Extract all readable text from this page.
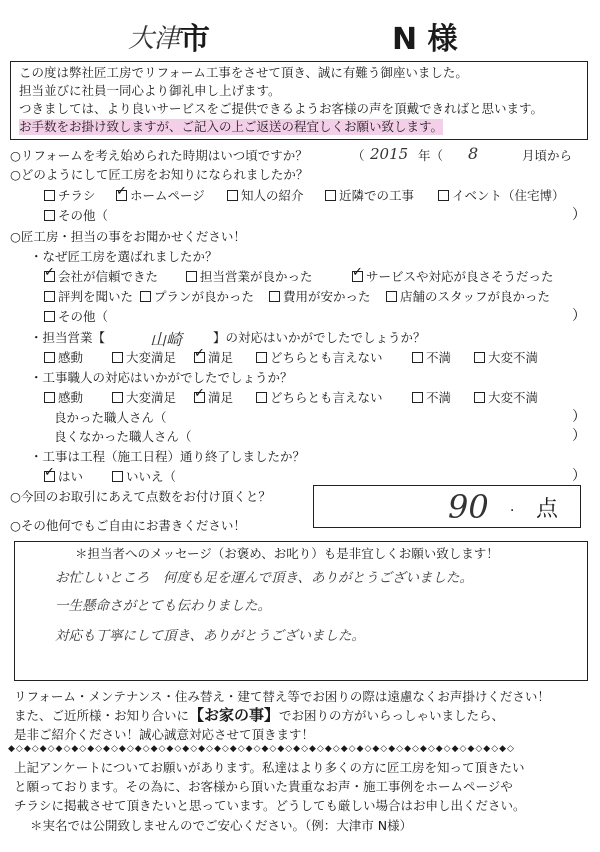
大津 市	N 様
この度は弊社匠工房でリフォーム工事をさせて頂き、誠に有難う御座いました。
担当並びに社員一同心より御礼申し上げます。
つきましては、より良いサービスをご提供できるようお客様の声を頂戴できればと思います。
お手数をお掛け致しますが、ご記入の上ご返送の程宜しくお願い致します。
○リフォームを考え始められた時期はいつ頃ですか？	（ 2015 年（ 8	月頃から
○どのようにして匠工房をお知りになられましたか？
チラシ ✓	ホームページ	知人の紹介	近隣での工事	イベント（住宅博）
その他（	）
○匠工房・担当の事をお聞かせください！
・なぜ匠工房を選ばれましたか？
✓会社が信頼できた	担当営業が良かった ✓	サービスや対応が良さそうだった
評判を聞いた	プランが良かった	費用が安かった	店舗のスタッフが良かった
その他（	）
・担当営業【	山崎 】の対応はいかがでしたでしょうか？
感動	大変満足 ✓	満足	どちらとも言えない	不満	大変不満
・工事職人の対応はいかがでしたでしょうか？
感動	大変満足 ✓	満足	どちらとも言えない	不満	大変不満
良かった職人さん（	）
良くなかった職人さん（	）
・工事は工程（施工日程）通り終了しましたか？
✓はい	いいえ（	）
○今回のお取引にあえて点数をお付け頂くと？	90 ． 点
○その他何でもご自由にお書きください！
＊担当者へのメッセージ（お褒め、お叱り）も是非宜しくお願い致します！
お忙しいところ　何度も足を運んで頂き、ありがとうございました。
一生懸命さがとても伝わりました。
対応も丁寧にして頂き、ありがとうございました。
リフォーム・メンテナンス・住み替え・建て替え等でお困りの際は遠慮なくお声掛けください！
また、ご近所様・お知り合いに【お家の事】でお困りの方がいらっしゃいましたら、
是非ご紹介ください！誠心誠意対応させて頂きます！
◆◇◆◇◆◇◆◇◆◇◆◇◆◇◆◇◆◇◆◇◆◇◆◇◆◇◆◇◆◇◆◇◆◇◆◇◆◇◆◇◆◇◆◇◆◇◆◇◆◇◆◇◆◇◆◇◆◇◆◇◆◇◆◇
上記アンケートについてお願いがあります。私達はより多くの方に匠工房を知って頂きたい
と願っております。その為に、お客様から頂いた貴重なお声・施工事例をホームページや
チラシに掲載させて頂きたいと思っています。どうしても厳しい場合はお申し出ください。
＊実名では公開致しませんのでご安心ください。（例：大津市 N様）
